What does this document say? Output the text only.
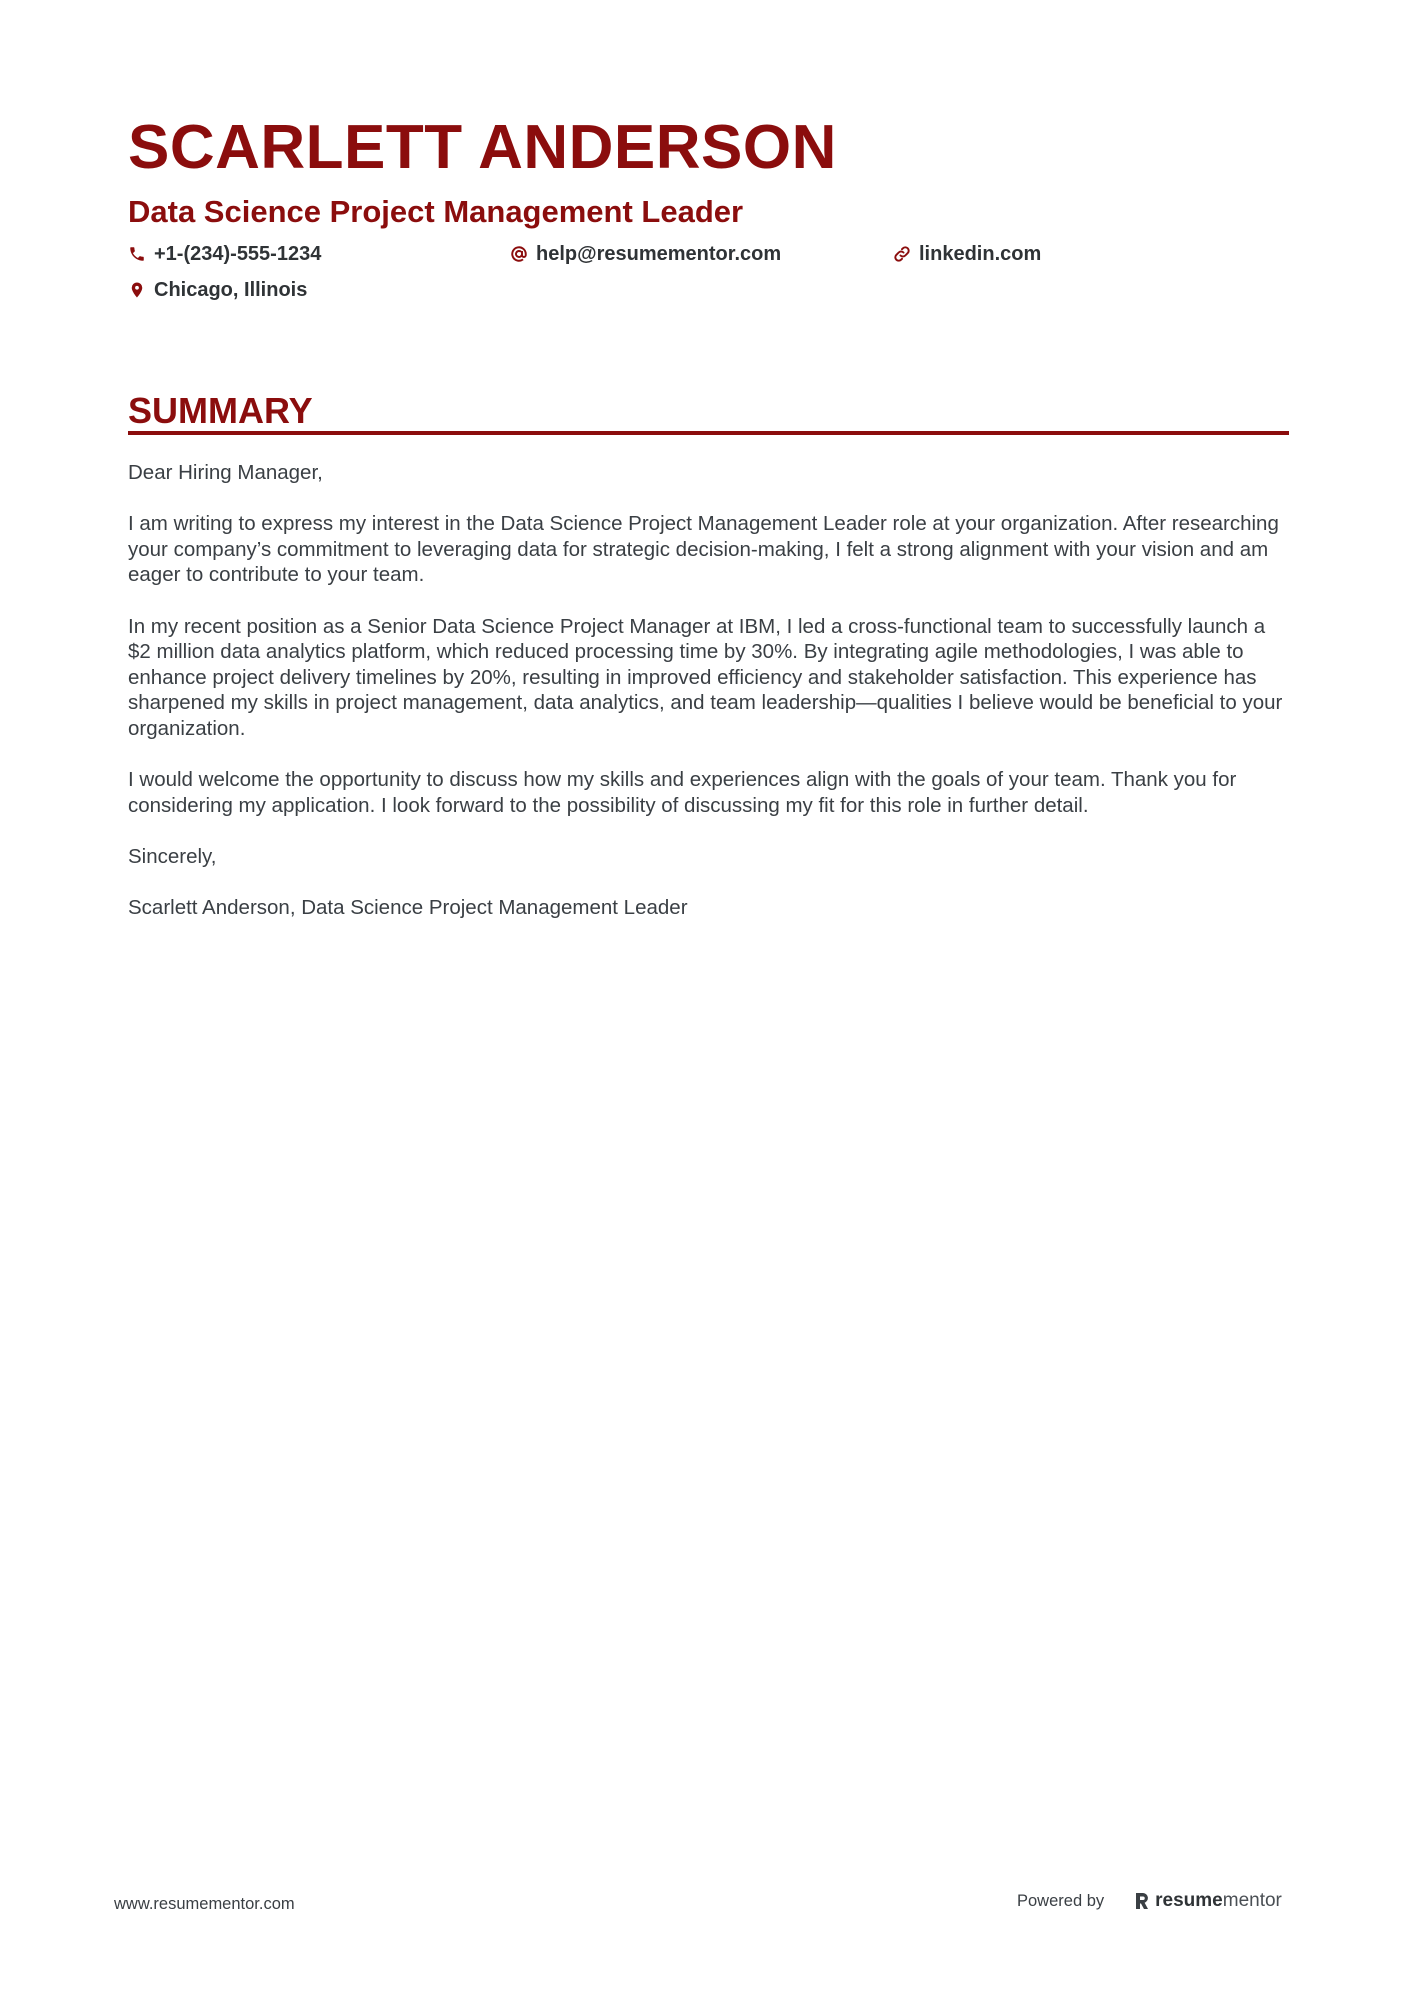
SCARLETT ANDERSON
Data Science Project Management Leader
+1-(234)-555-1234	help@resumementor.com	linkedin.com
Chicago, Illinois
SUMMARY

Dear Hiring Manager,

I am writing to express my interest in the Data Science Project Management Leader role at your organization. After researching your company’s commitment to leveraging data for strategic decision-making, I felt a strong alignment with your vision and am eager to contribute to your team.

In my recent position as a Senior Data Science Project Manager at IBM, I led a cross-functional team to successfully launch a $2 million data analytics platform, which reduced processing time by 30%. By integrating agile methodologies, I was able to enhance project delivery timelines by 20%, resulting in improved efficiency and stakeholder satisfaction. This experience has sharpened my skills in project management, data analytics, and team leadership—qualities I believe would be beneficial to your organization.

I would welcome the opportunity to discuss how my skills and experiences align with the goals of your team. Thank you for considering my application. I look forward to the possibility of discussing my fit for this role in further detail.

Sincerely,

Scarlett Anderson, Data Science Project Management Leader

www.resumementor.com	Powered by	resume mentor
